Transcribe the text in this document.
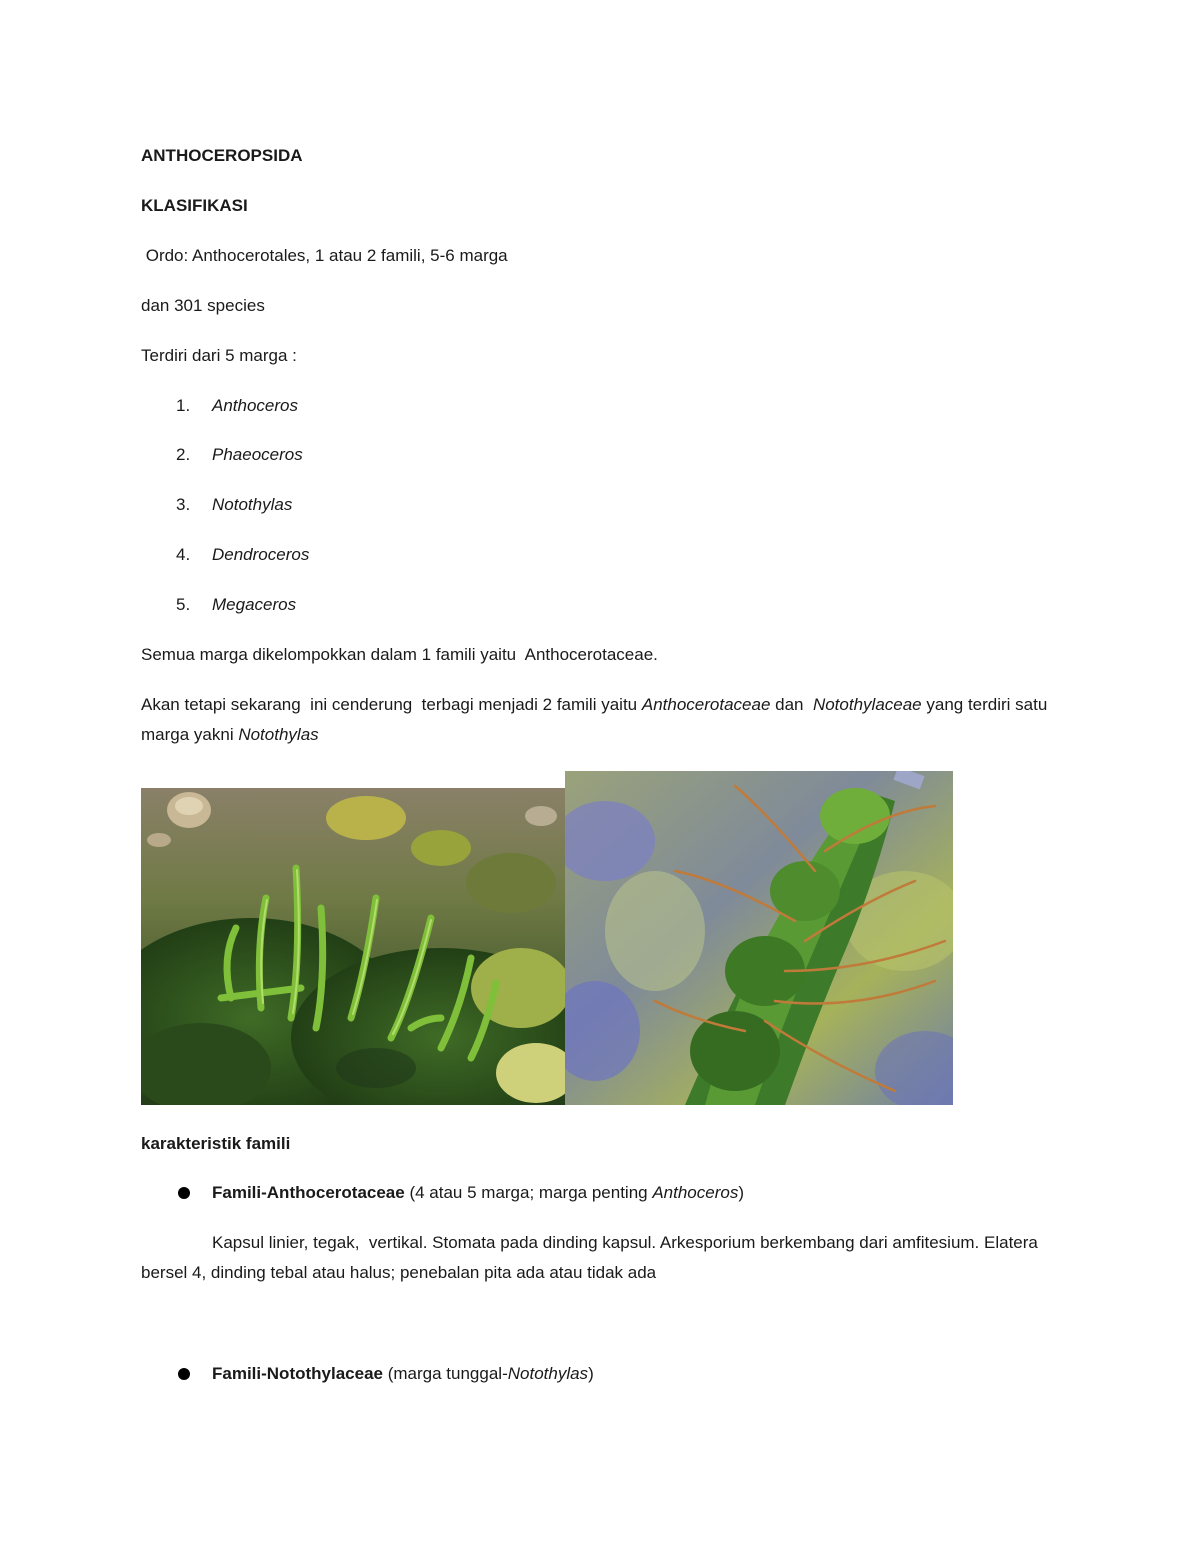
ANTHOCEROPSIDA
KLASIFIKASI
Ordo: Anthocerotales, 1 atau 2 famili, 5-6 marga
dan 301 species
Terdiri dari 5 marga :
1. Anthoceros
2. Phaeoceros
3. Notothylas
4. Dendroceros
5. Megaceros
Semua marga dikelompokkan dalam 1 famili yaitu  Anthocerotaceae.
Akan tetapi sekarang  ini cenderung  terbagi menjadi 2 famili yaitu Anthocerotaceae dan  Notothylaceae yang terdiri satu marga yakni Notothylas
karakteristik famili
Famili-Anthocerotaceae (4 atau 5 marga; marga penting Anthoceros)
Kapsul linier, tegak,  vertikal. Stomata pada dinding kapsul. Arkesporium berkembang dari amfitesium. Elatera bersel 4, dinding tebal atau halus; penebalan pita ada atau tidak ada
Famili-Notothylaceae (marga tunggal-Notothylas)
